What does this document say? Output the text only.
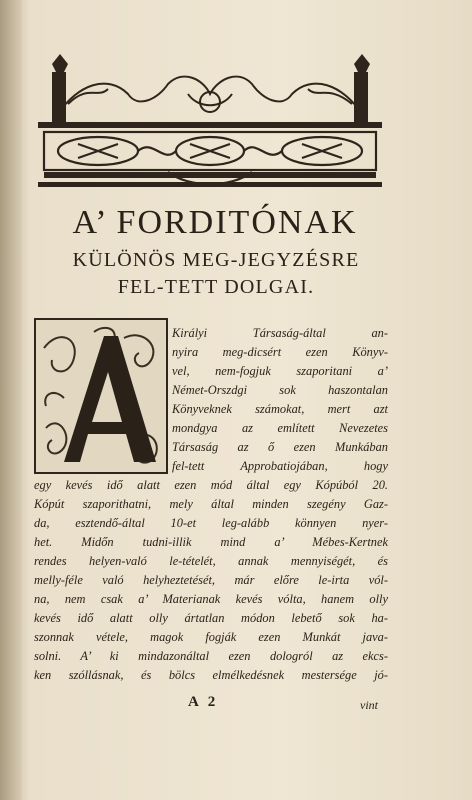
A’ FORDITÓNAK
KÜLÖNÖS MEG-JEGYZÉSRE
FEL-TETT DOLGAI.
Királyi Társaság-által an-
nyira meg-dicsért ezen Könyv-
vel, nem-fogjuk szaporitani a’
Német-Orszdgi sok haszontalan
Könyveknek számokat, mert azt
mondgya az említett Nevezetes
Társaság az ő ezen Munkában
fel-tett Approbatiojában, hogy
egy kevés idő alatt ezen mód által egy Kópúból 20.
Kópút szaporithatni, mely által minden szegény Gaz-
da, esztendő-által 10-et leg-alább könnyen nyer-
het. Midőn tudni-illik mind a’ Mébes-Kertnek
rendes helyen-való le-tételét, annak mennyiségét, és
melly-féle való helyheztetését, már előre le-irta vól-
na, nem csak a’ Materianak kevés vólta, hanem olly
kevés idő alatt olly ártatlan módon lebető sok ha-
szonnak vétele, magok fogják ezen Munkát java-
solni. A’ ki mindazonáltal ezen dologról az ekcs-
ken szóllásnak, és bölcs elmélkedésnek mestersége jó-
A 2	vint
